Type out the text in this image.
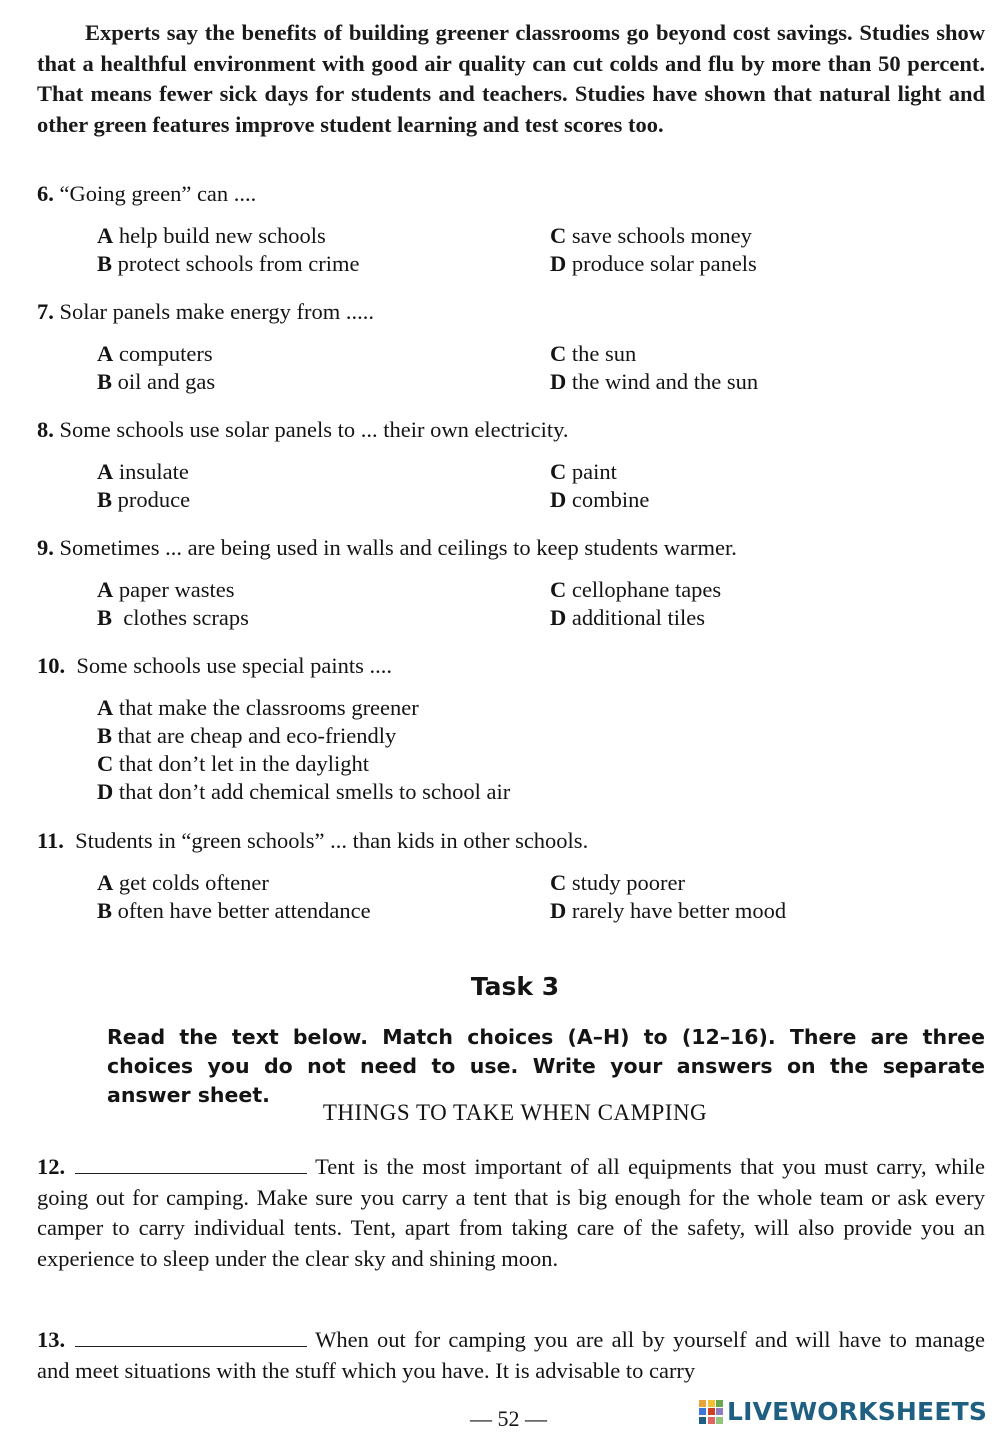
Experts say the benefits of building greener classrooms go beyond cost savings. Studies show that a healthful environment with good air quality can cut colds and flu by more than 50 percent. That means fewer sick days for students and teachers. Studies have shown that natural light and other green features improve student learning and test scores too.
6. “Going green” can ....
A help build new schools
B protect schools from crime
C save schools money
D produce solar panels
7. Solar panels make energy from .....
A computers
B oil and gas
C the sun
D the wind and the sun
8. Some schools use solar panels to ... their own electricity.
A insulate
B produce
C paint
D combine
9. Sometimes ... are being used in walls and ceilings to keep students warmer.
A paper wastes
B clothes scraps
C cellophane tapes
D additional tiles
10. Some schools use special paints ....
A that make the classrooms greener
B that are cheap and eco-friendly
C that don’t let in the daylight
D that don’t add chemical smells to school air
11. Students in “green schools” ... than kids in other schools.
A get colds oftener
B often have better attendance
C study poorer
D rarely have better mood
Task 3
Read the text below. Match choices (A–H) to (12–16). There are three choices you do not need to use. Write your answers on the separate answer sheet.
THINGS TO TAKE WHEN CAMPING
12.	Tent is the most important of all equipments that you must carry, while going out for camping. Make sure you carry a tent that is big enough for the whole team or ask every camper to carry individual tents. Tent, apart from taking care of the safety, will also provide you an experience to sleep under the clear sky and shining moon.
13.	When out for camping you are all by yourself and will have to manage and meet situations with the stuff which you have. It is advisable to carry
— 52 —	LIVEWORKSHEETS
